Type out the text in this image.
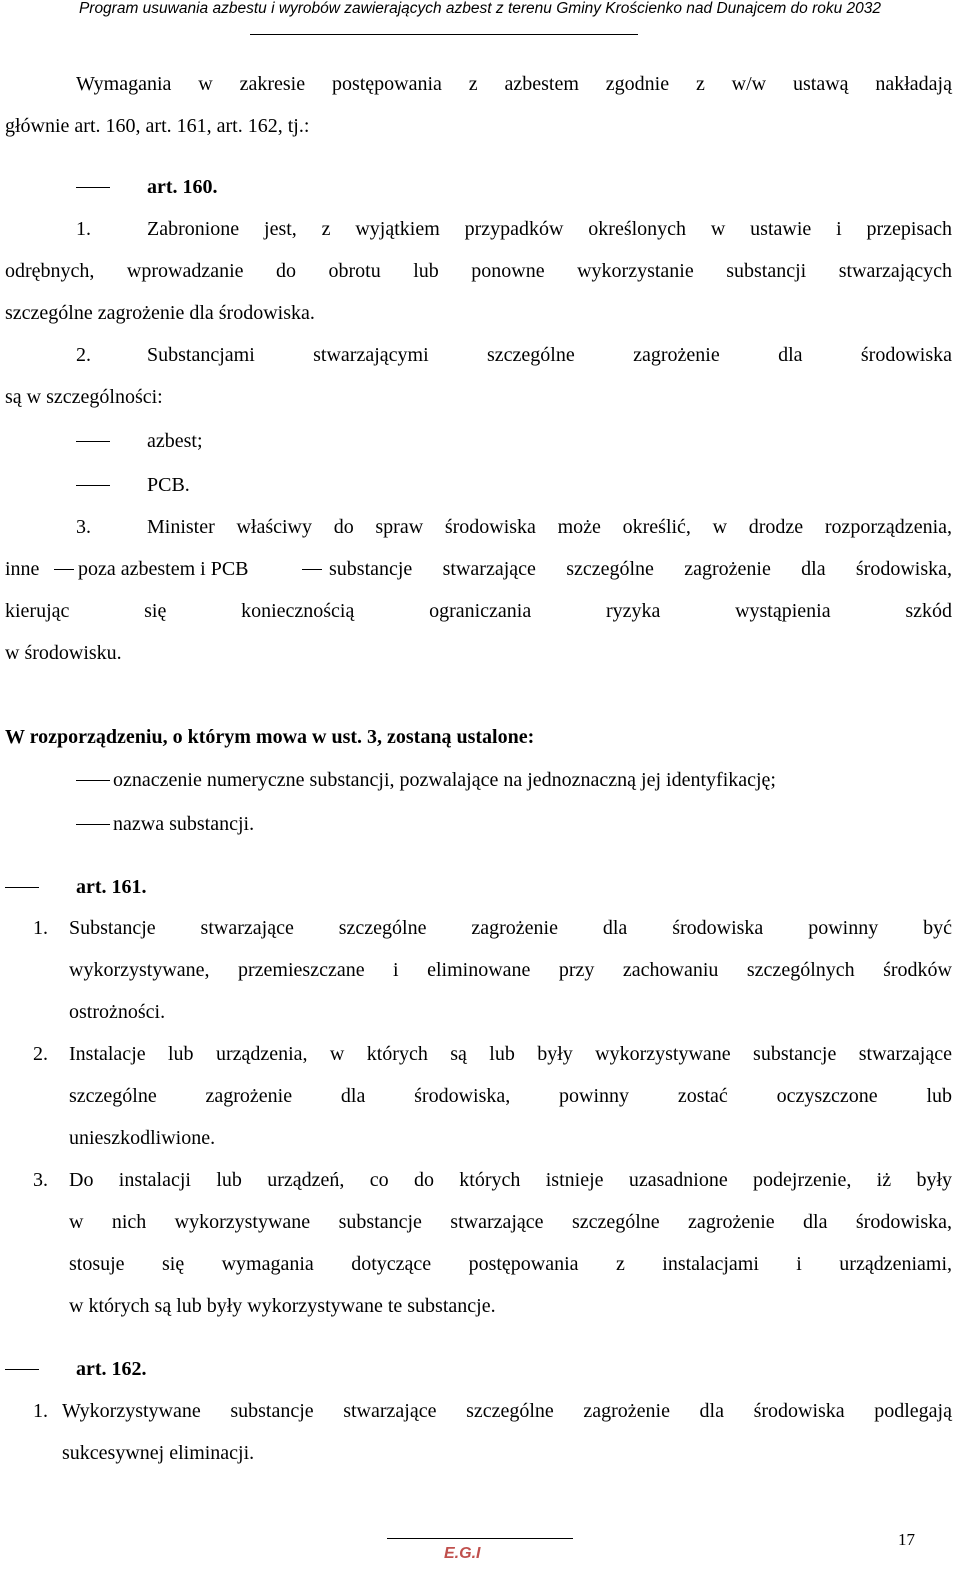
Program usuwania azbestu i wyrobów zawierających azbest z terenu Gminy Krościenko nad Dunajcem do roku 2032
Wymagania w zakresie postępowania z azbestem zgodnie z w/w ustawą nakładają
głównie art. 160, art. 161, art. 162, tj.:
art. 160.
1.	Zabronione jest, z wyjątkiem przypadków określonych w ustawie i przepisach
odrębnych, wprowadzanie do obrotu lub ponowne wykorzystanie substancji stwarzających
szczególne zagrożenie dla środowiska.
2.	Substancjami stwarzającymi szczególne zagrożenie dla środowiska
są w szczególności:
azbest;
PCB.
3.	Minister właściwy do spraw środowiska może określić, w drodze rozporządzenia,
inne poza azbestem i PCB	substancje stwarzające szczególne zagrożenie dla środowiska,
kierując się koniecznością ograniczania ryzyka wystąpienia szkód
w środowisku.
W rozporządzeniu, o którym mowa w ust. 3, zostaną ustalone:
oznaczenie numeryczne substancji, pozwalające na jednoznaczną jej identyfikację;
nazwa substancji.
art. 161.
1. Substancje stwarzające szczególne zagrożenie dla środowiska powinny być
wykorzystywane, przemieszczane i eliminowane przy zachowaniu szczególnych środków
ostrożności.
2. Instalacje lub urządzenia, w których są lub były wykorzystywane substancje stwarzające
szczególne zagrożenie dla środowiska, powinny zostać oczyszczone lub
unieszkodliwione.
3. Do instalacji lub urządzeń, co do których istnieje uzasadnione podejrzenie, iż były
w nich wykorzystywane substancje stwarzające szczególne zagrożenie dla środowiska,
stosuje się wymagania dotyczące postępowania z instalacjami i urządzeniami,
w których są lub były wykorzystywane te substancje.
art. 162.
1. Wykorzystywane substancje stwarzające szczególne zagrożenie dla środowiska podlegają
sukcesywnej eliminacji.
E.G.I
17
